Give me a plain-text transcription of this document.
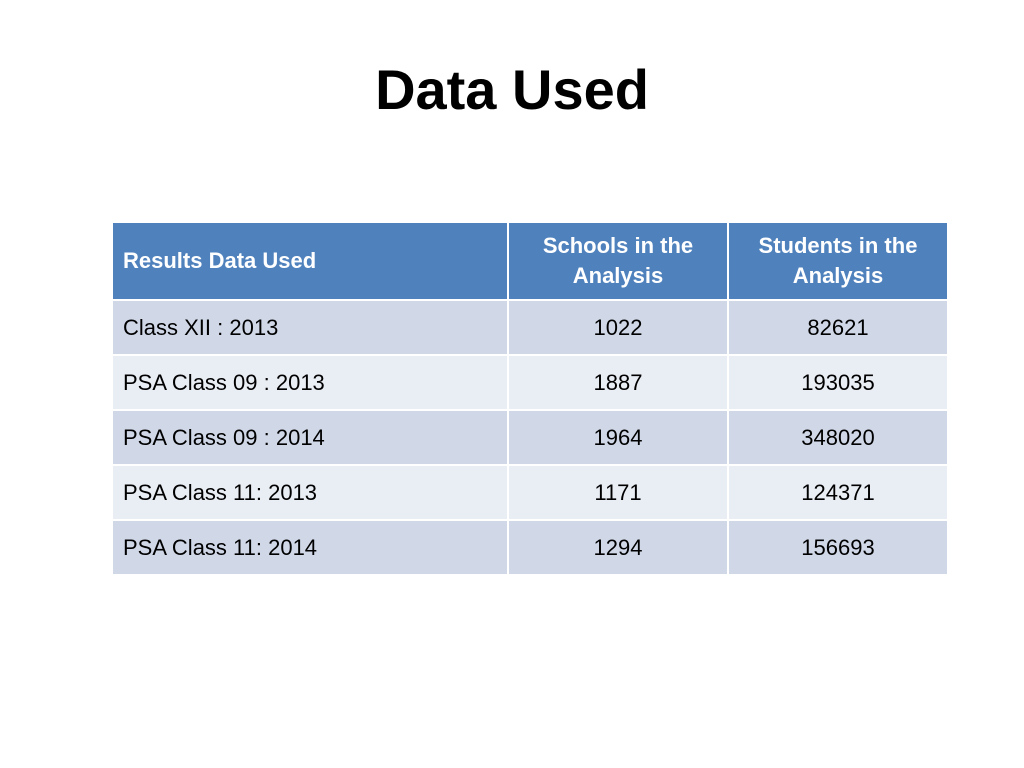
Data Used
Results Data Used	Schools in the Analysis	Students in the Analysis
Class XII : 2013	1022	82621
PSA Class 09 : 2013	1887	193035
PSA Class 09 : 2014	1964	348020
PSA Class 11: 2013	1171	124371
PSA Class 11: 2014	1294	156693
